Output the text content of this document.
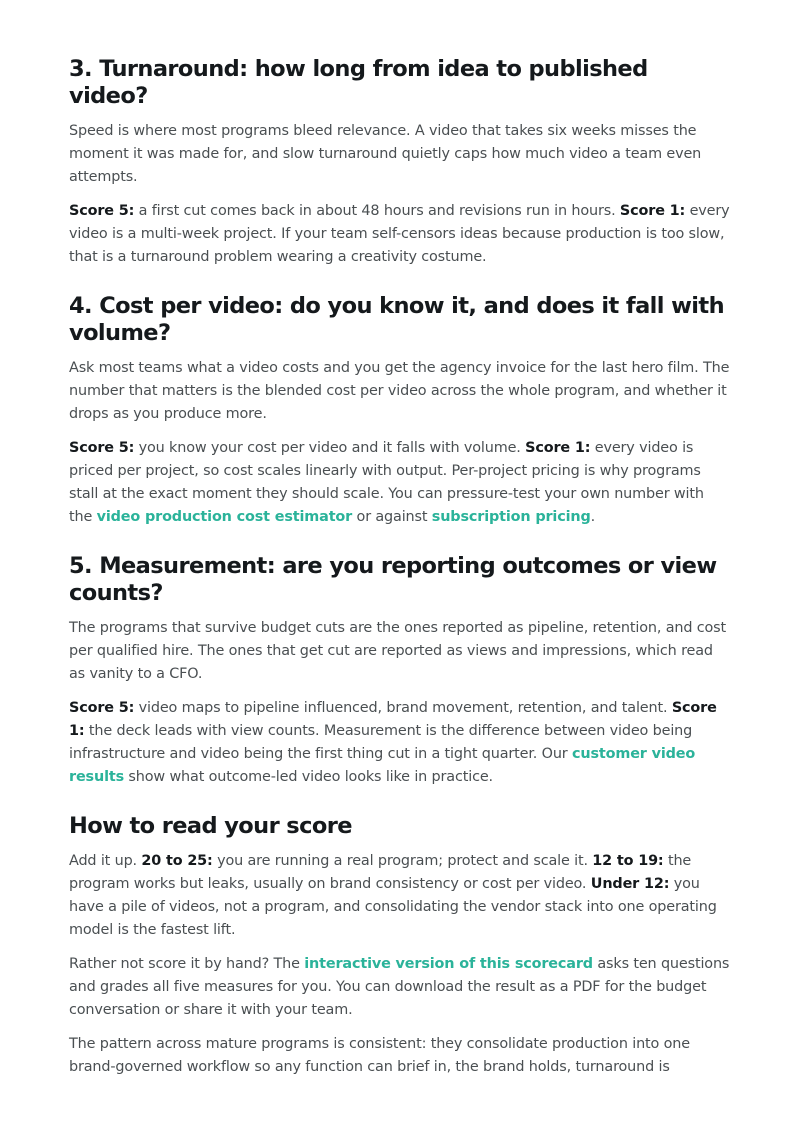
3. Turnaround: how long from idea to published video?

Speed is where most programs bleed relevance. A video that takes six weeks misses the moment it was made for, and slow turnaround quietly caps how much video a team even attempts.

Score 5: a first cut comes back in about 48 hours and revisions run in hours. Score 1: every video is a multi-week project. If your team self-censors ideas because production is too slow, that is a turnaround problem wearing a creativity costume.

4. Cost per video: do you know it, and does it fall with volume?

Ask most teams what a video costs and you get the agency invoice for the last hero film. The number that matters is the blended cost per video across the whole program, and whether it drops as you produce more.

Score 5: you know your cost per video and it falls with volume. Score 1: every video is priced per project, so cost scales linearly with output. Per-project pricing is why programs stall at the exact moment they should scale. You can pressure-test your own number with the video production cost estimator or against subscription pricing.

5. Measurement: are you reporting outcomes or view counts?

The programs that survive budget cuts are the ones reported as pipeline, retention, and cost per qualified hire. The ones that get cut are reported as views and impressions, which read as vanity to a CFO.

Score 5: video maps to pipeline influenced, brand movement, retention, and talent. Score 1: the deck leads with view counts. Measurement is the difference between video being infrastructure and video being the first thing cut in a tight quarter. Our customer video results show what outcome-led video looks like in practice.

How to read your score

Add it up. 20 to 25: you are running a real program; protect and scale it. 12 to 19: the program works but leaks, usually on brand consistency or cost per video. Under 12: you have a pile of videos, not a program, and consolidating the vendor stack into one operating model is the fastest lift.

Rather not score it by hand? The interactive version of this scorecard asks ten questions and grades all five measures for you. You can download the result as a PDF for the budget conversation or share it with your team.

The pattern across mature programs is consistent: they consolidate production into one brand-governed workflow so any function can brief in, the brand holds, turnaround is
